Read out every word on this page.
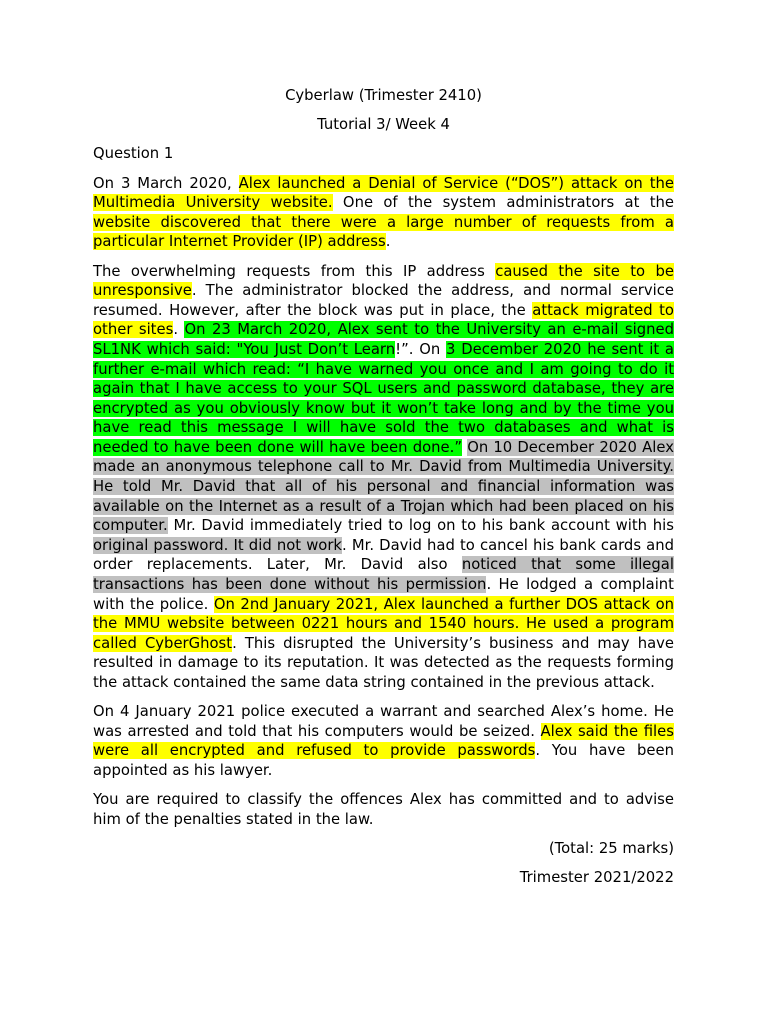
Cyberlaw (Trimester 2410)

Tutorial 3/ Week 4

Question 1

On 3 March 2020, Alex launched a Denial of Service (“DOS”) attack on the Multimedia University website. One of the system administrators at the website discovered that there were a large number of requests from a particular Internet Provider (IP) address.

The overwhelming requests from this IP address caused the site to be unresponsive. The administrator blocked the address, and normal service resumed. However, after the block was put in place, the attack migrated to other sites. On 23 March 2020, Alex sent to the University an e-mail signed SL1NK which said: "You Just Don’t Learn!”. On 3 December 2020 he sent it a further e-mail which read: “I have warned you once and I am going to do it again that I have access to your SQL users and password database, they are encrypted as you obviously know but it won’t take long and by the time you have read this message I will have sold the two databases and what is needed to have been done will have been done.” On 10 December 2020 Alex made an anonymous telephone call to Mr. David from Multimedia University. He told Mr. David that all of his personal and financial information was available on the Internet as a result of a Trojan which had been placed on his computer. Mr. David immediately tried to log on to his bank account with his original password. It did not work. Mr. David had to cancel his bank cards and order replacements. Later, Mr. David also noticed that some illegal transactions has been done without his permission. He lodged a complaint with the police. On 2nd January 2021, Alex launched a further DOS attack on the MMU website between 0221 hours and 1540 hours. He used a program called CyberGhost. This disrupted the University’s business and may have resulted in damage to its reputation. It was detected as the requests forming the attack contained the same data string contained in the previous attack.

On 4 January 2021 police executed a warrant and searched Alex’s home. He was arrested and told that his computers would be seized. Alex said the files were all encrypted and refused to provide passwords. You have been appointed as his lawyer.

You are required to classify the offences Alex has committed and to advise him of the penalties stated in the law.

(Total: 25 marks)

Trimester 2021/2022
